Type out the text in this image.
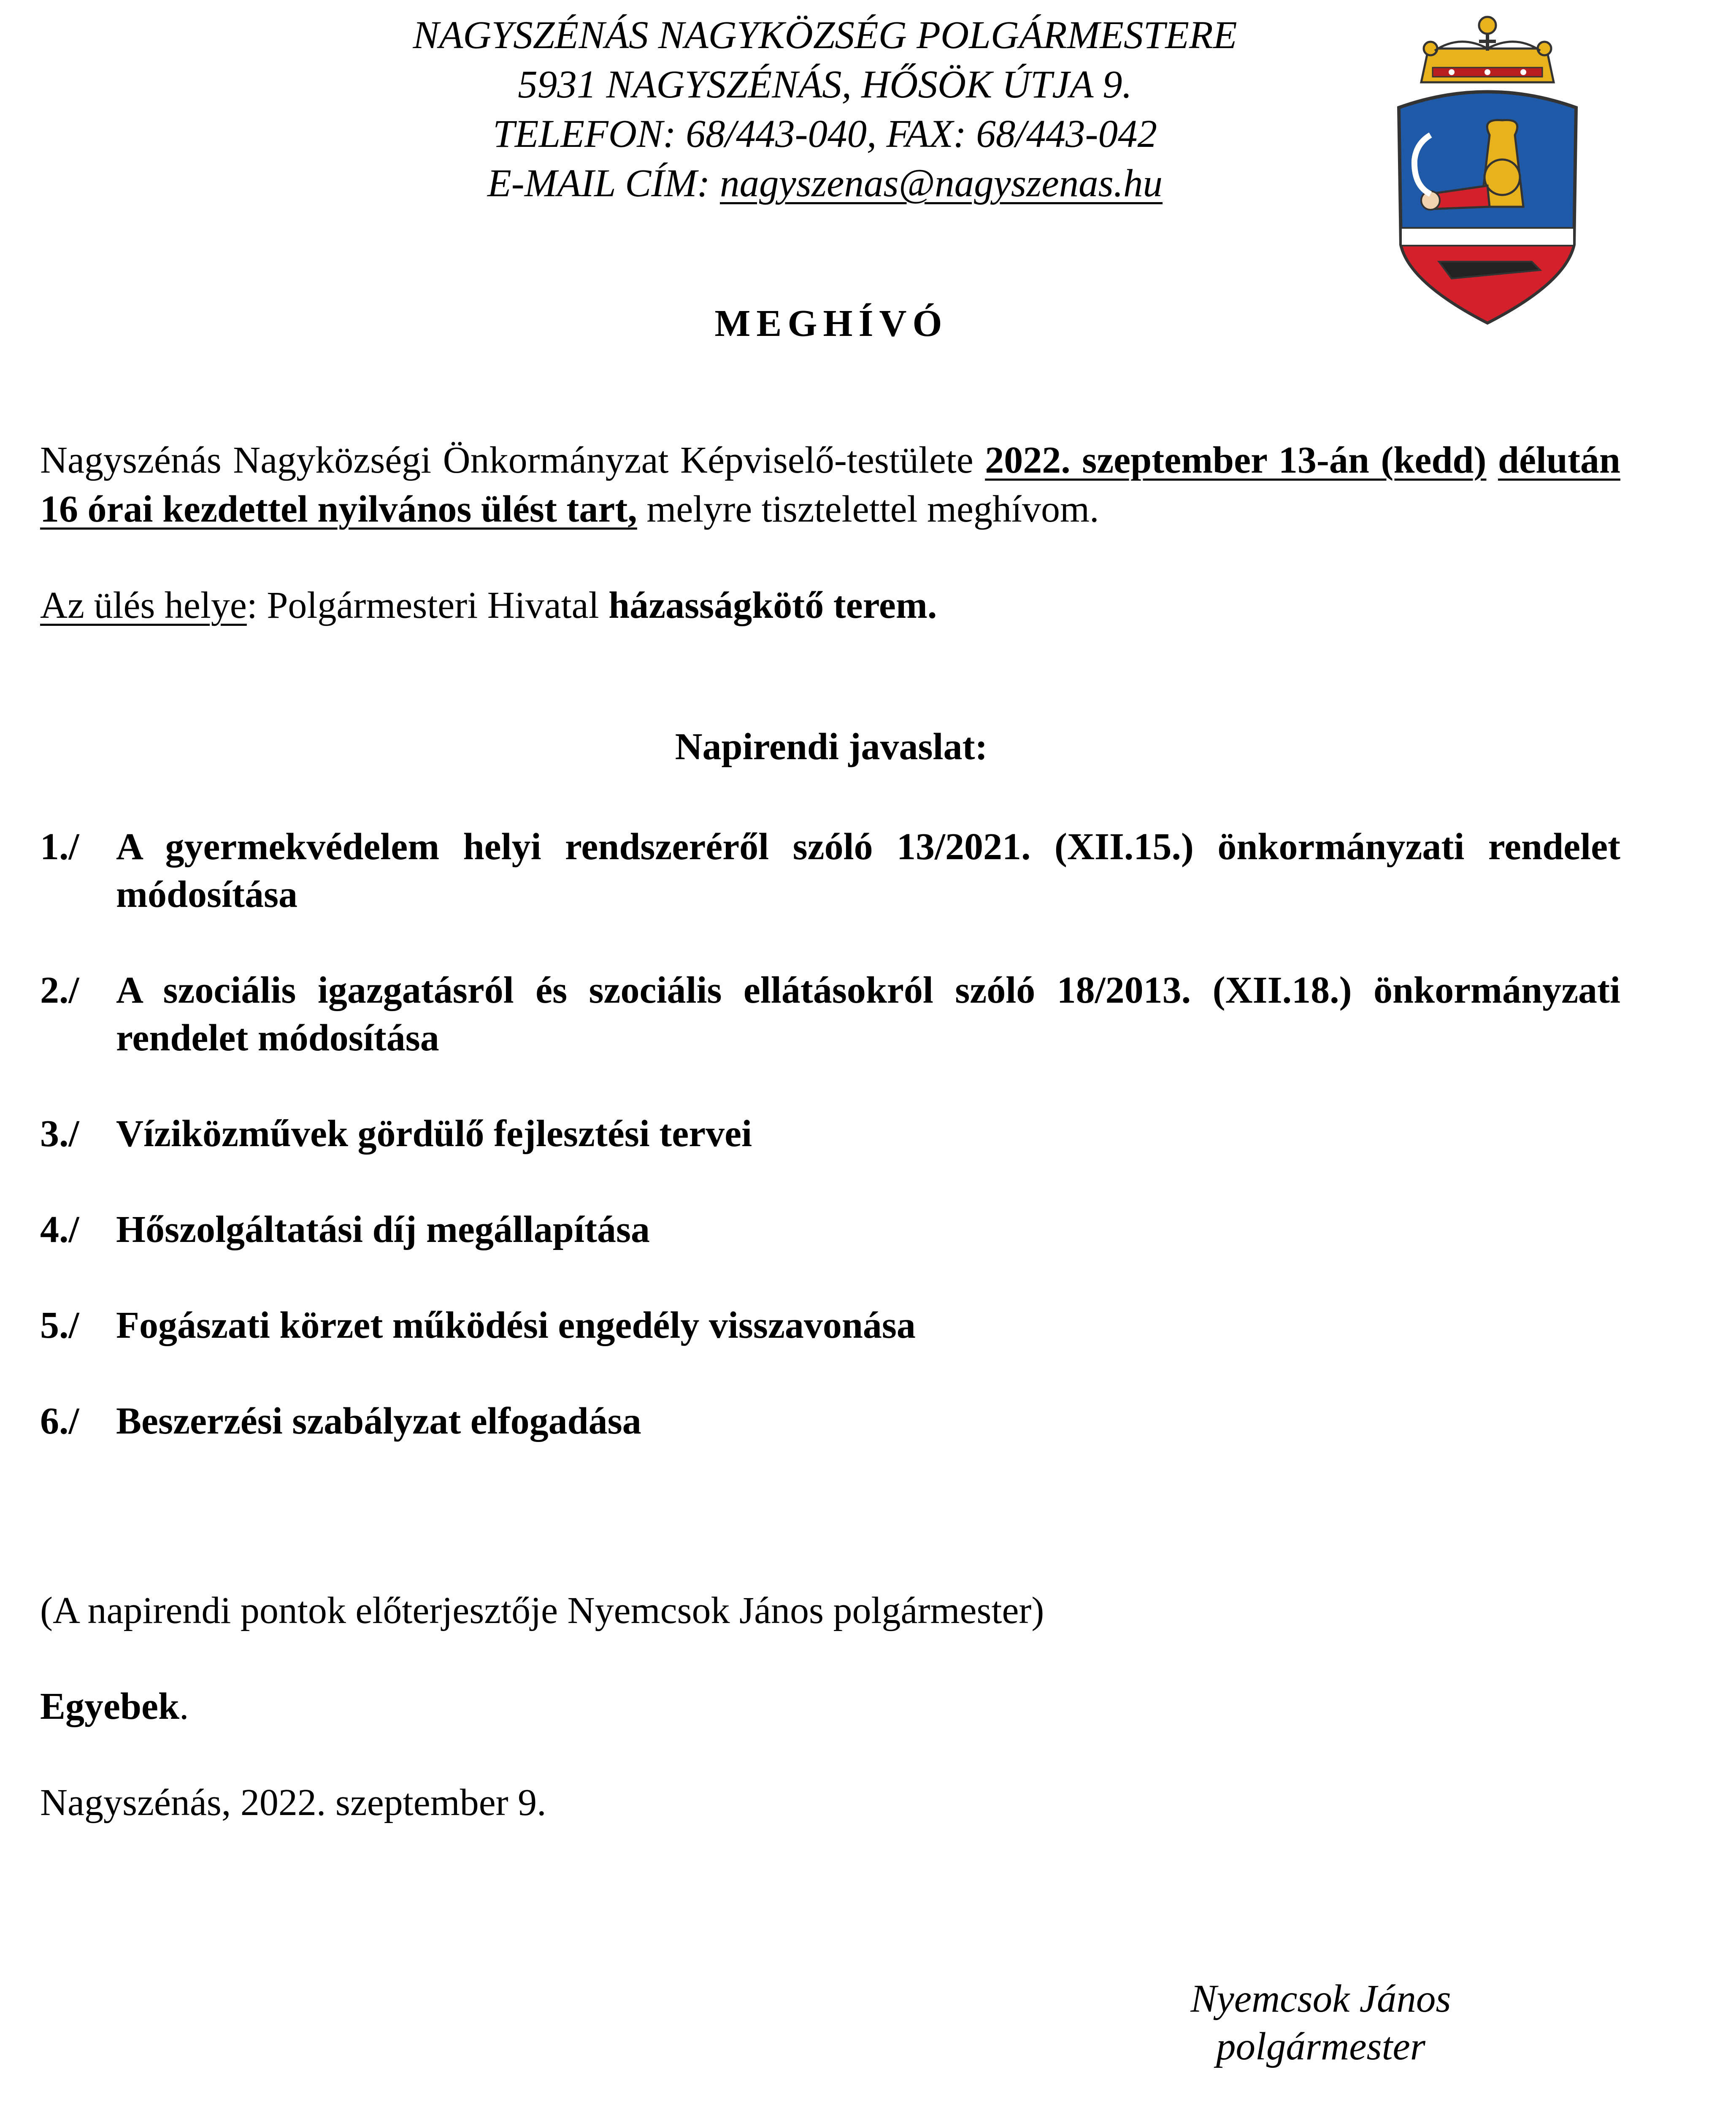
NAGYSZÉNÁS NAGYKÖZSÉG POLGÁRMESTERE
5931 NAGYSZÉNÁS, HŐSÖK ÚTJA 9.
TELEFON: 68/443-040, FAX: 68/443-042
E-MAIL CÍM: nagyszenas@nagyszenas.hu
MEGHÍVÓ
Nagyszénás Nagyközségi Önkormányzat Képviselő-testülete 2022. szeptember 13-án (kedd) délután 16 órai kezdettel nyilvános ülést tart, melyre tisztelettel meghívom.
Az ülés helye: Polgármesteri Hivatal házasságkötő terem.
Napirendi javaslat:
1./ A gyermekvédelem helyi rendszeréről szóló 13/2021. (XII.15.) önkormányzati rendelet módosítása
2./ A szociális igazgatásról és szociális ellátásokról szóló 18/2013. (XII.18.) önkormányzati rendelet módosítása
3./ Víziközművek gördülő fejlesztési tervei
4./ Hőszolgáltatási díj megállapítása
5./ Fogászati körzet működési engedély visszavonása
6./ Beszerzési szabályzat elfogadása
(A napirendi pontok előterjesztője Nyemcsok János polgármester)
Egyebek.
Nagyszénás, 2022. szeptember 9.
Nyemcsok János
polgármester
